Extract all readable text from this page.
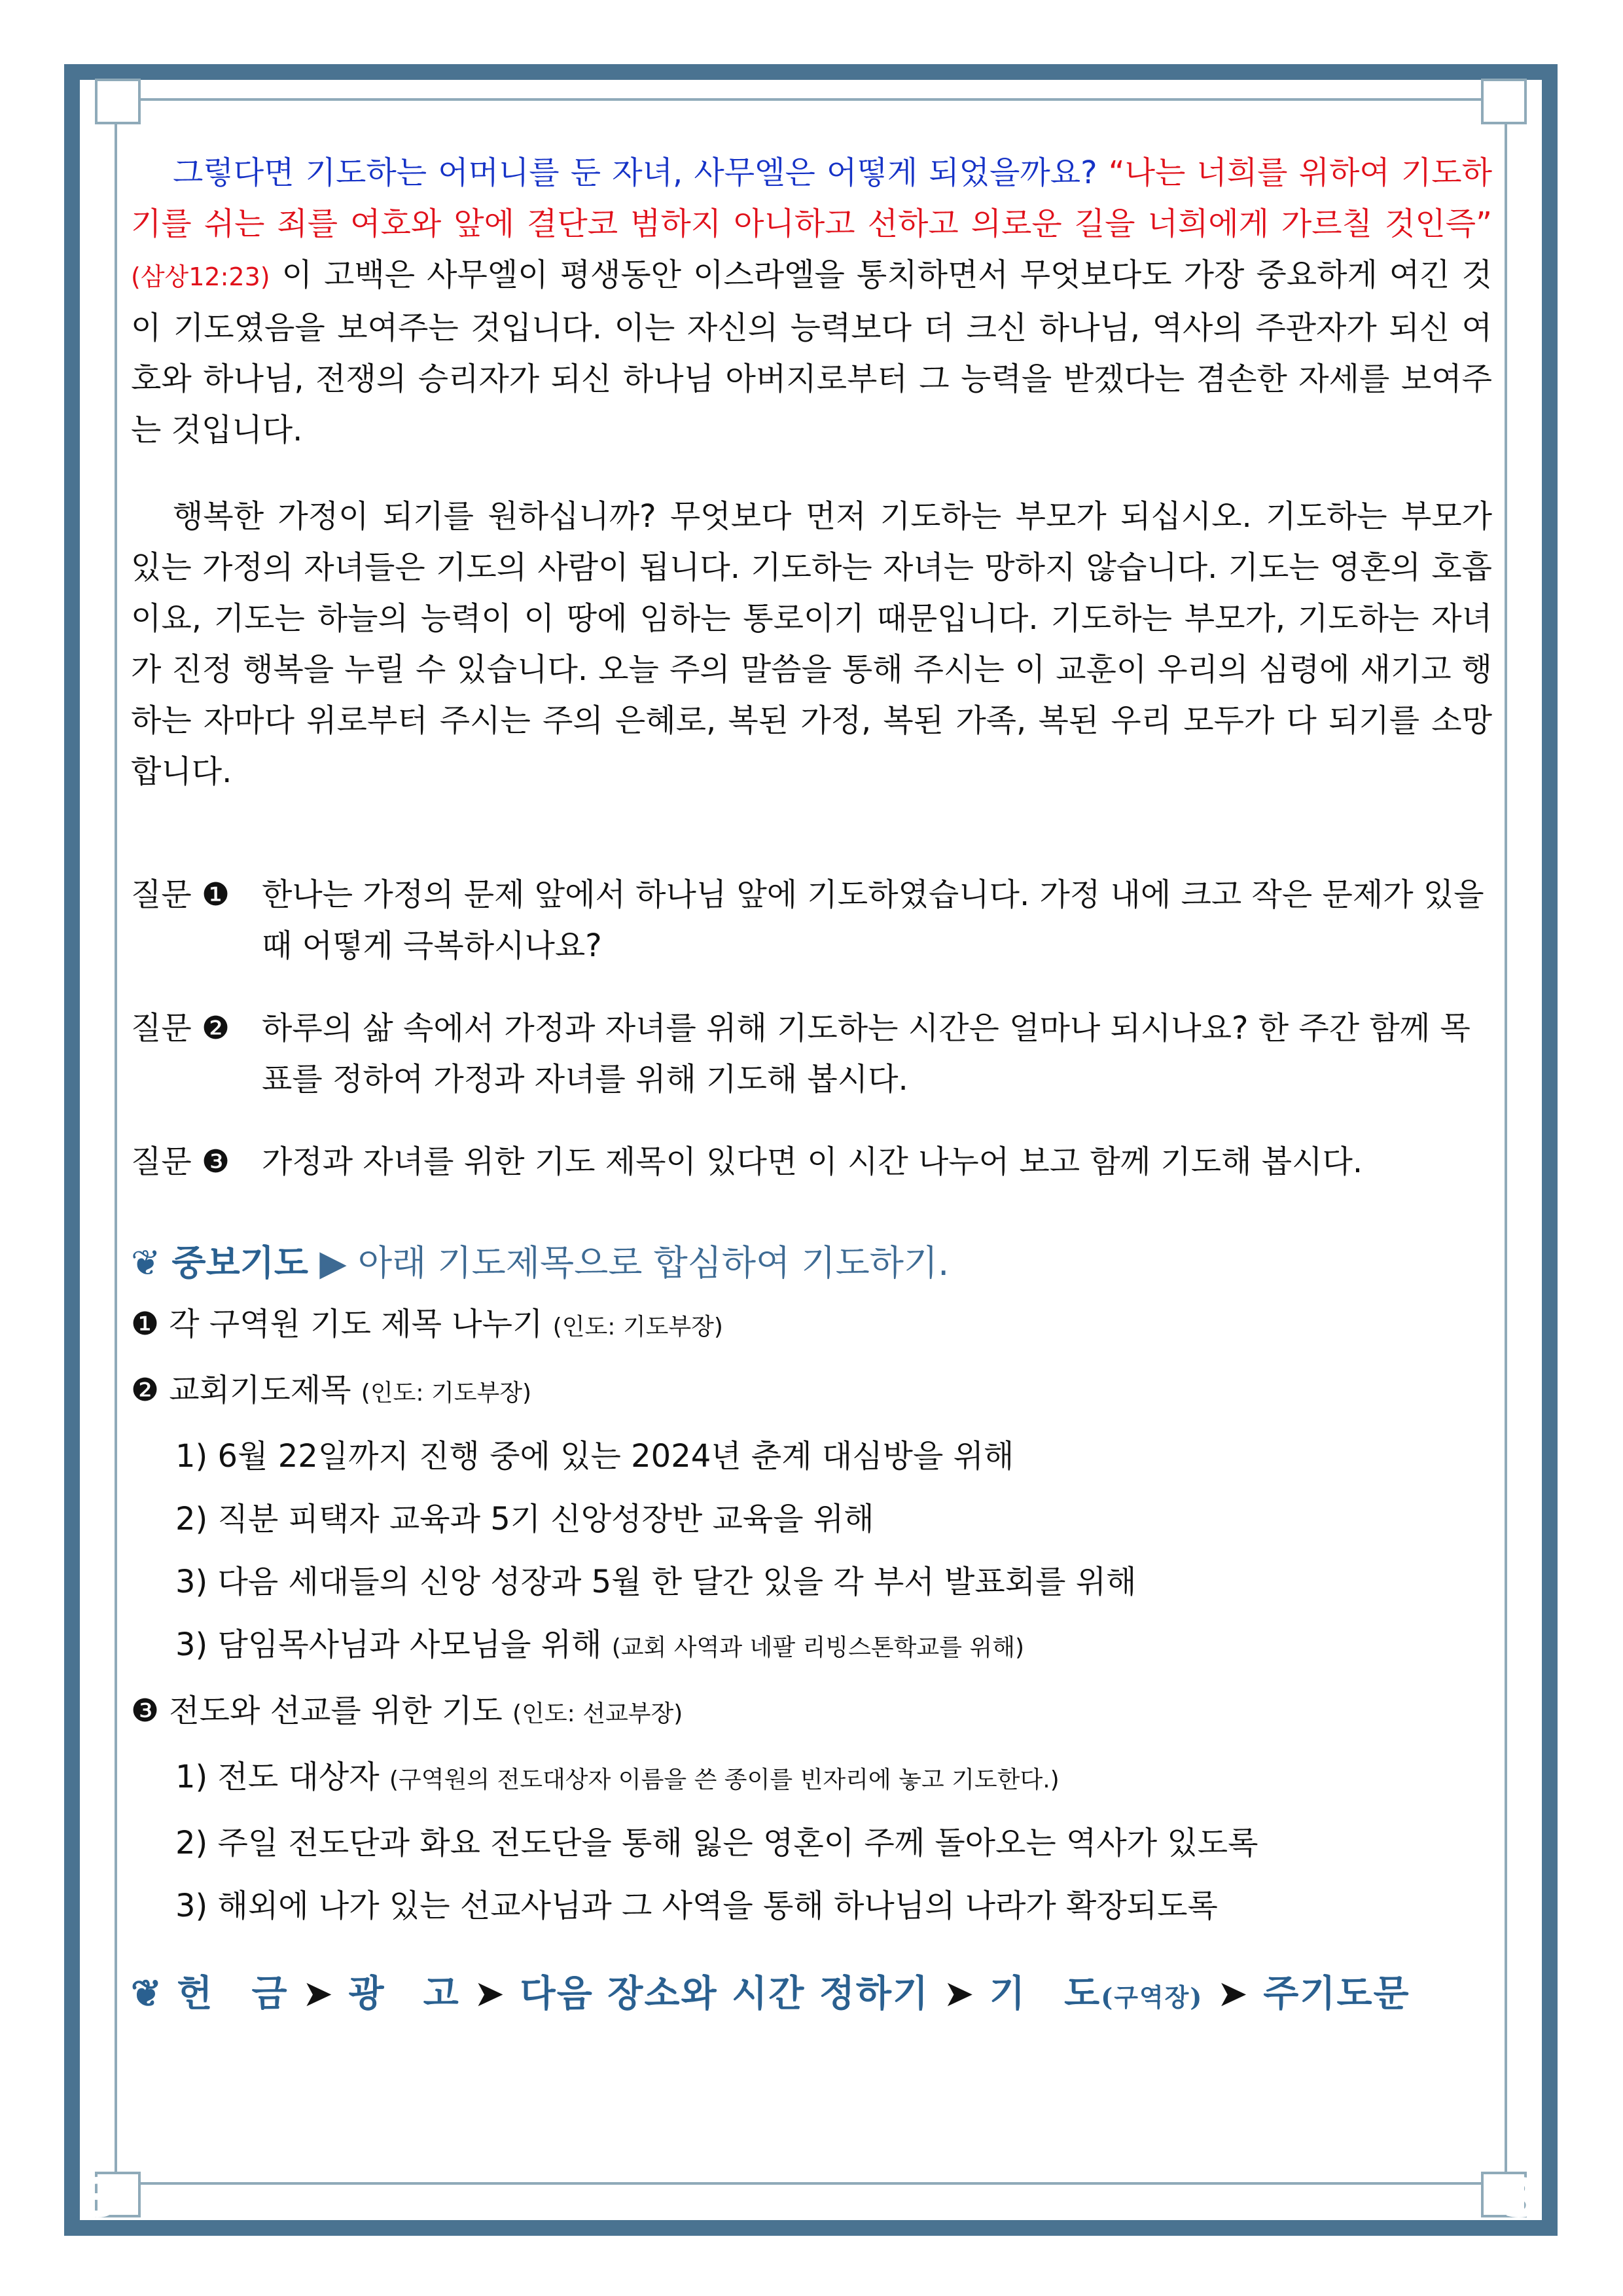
3	3

그렇다면 기도하는 어머니를 둔 자녀, 사무엘은 어떻게 되었을까요? “나는 너희를 위하여 기도하기를 쉬는 죄를 여호와 앞에 결단코 범하지 아니하고 선하고 의로운 길을 너희에게 가르칠 것인즉” (삼상12:23) 이 고백은 사무엘이 평생동안 이스라엘을 통치하면서 무엇보다도 가장 중요하게 여긴 것이 기도였음을 보여주는 것입니다. 이는 자신의 능력보다 더 크신 하나님, 역사의 주관자가 되신 여호와 하나님, 전쟁의 승리자가 되신 하나님 아버지로부터 그 능력을 받겠다는 겸손한 자세를 보여주는 것입니다.

행복한 가정이 되기를 원하십니까? 무엇보다 먼저 기도하는 부모가 되십시오. 기도하는 부모가 있는 가정의 자녀들은 기도의 사람이 됩니다. 기도하는 자녀는 망하지 않습니다. 기도는 영혼의 호흡이요, 기도는 하늘의 능력이 이 땅에 임하는 통로이기 때문입니다. 기도하는 부모가, 기도하는 자녀가 진정 행복을 누릴 수 있습니다. 오늘 주의 말씀을 통해 주시는 이 교훈이 우리의 심령에 새기고 행하는 자마다 위로부터 주시는 주의 은혜로, 복된 가정, 복된 가족, 복된 우리 모두가 다 되기를 소망합니다.

질문 ❶	한나는 가정의 문제 앞에서 하나님 앞에 기도하였습니다. 가정 내에 크고 작은 문제가 있을 때 어떻게 극복하시나요?
질문 ❷	하루의 삶 속에서 가정과 자녀를 위해 기도하는 시간은 얼마나 되시나요? 한 주간 함께 목표를 정하여 가정과 자녀를 위해 기도해 봅시다.
질문 ❸	가정과 자녀를 위한 기도 제목이 있다면 이 시간 나누어 보고 함께 기도해 봅시다.
❦ 중보기도 ▶ 아래 기도제목으로 합심하여 기도하기.

❶ 각 구역원 기도 제목 나누기 (인도: 기도부장)

❷ 교회기도제목 (인도: 기도부장)

1) 6월 22일까지 진행 중에 있는 2024년 춘계 대심방을 위해

2) 직분 피택자 교육과 5기 신앙성장반 교육을 위해

3) 다음 세대들의 신앙 성장과 5월 한 달간 있을 각 부서 발표회를 위해

3) 담임목사님과 사모님을 위해 (교회 사역과 네팔 리빙스톤학교를 위해)

❸ 전도와 선교를 위한 기도 (인도: 선교부장)

1) 전도 대상자 (구역원의 전도대상자 이름을 쓴 종이를 빈자리에 놓고 기도한다.)

2) 주일 전도단과 화요 전도단을 통해 잃은 영혼이 주께 돌아오는 역사가 있도록

3) 해외에 나가 있는 선교사님과 그 사역을 통해 하나님의 나라가 확장되도록

❦ 헌　금 ➤ 광　고 ➤ 다음 장소와 시간 정하기 ➤ 기　도(구역장) ➤ 주기도문
